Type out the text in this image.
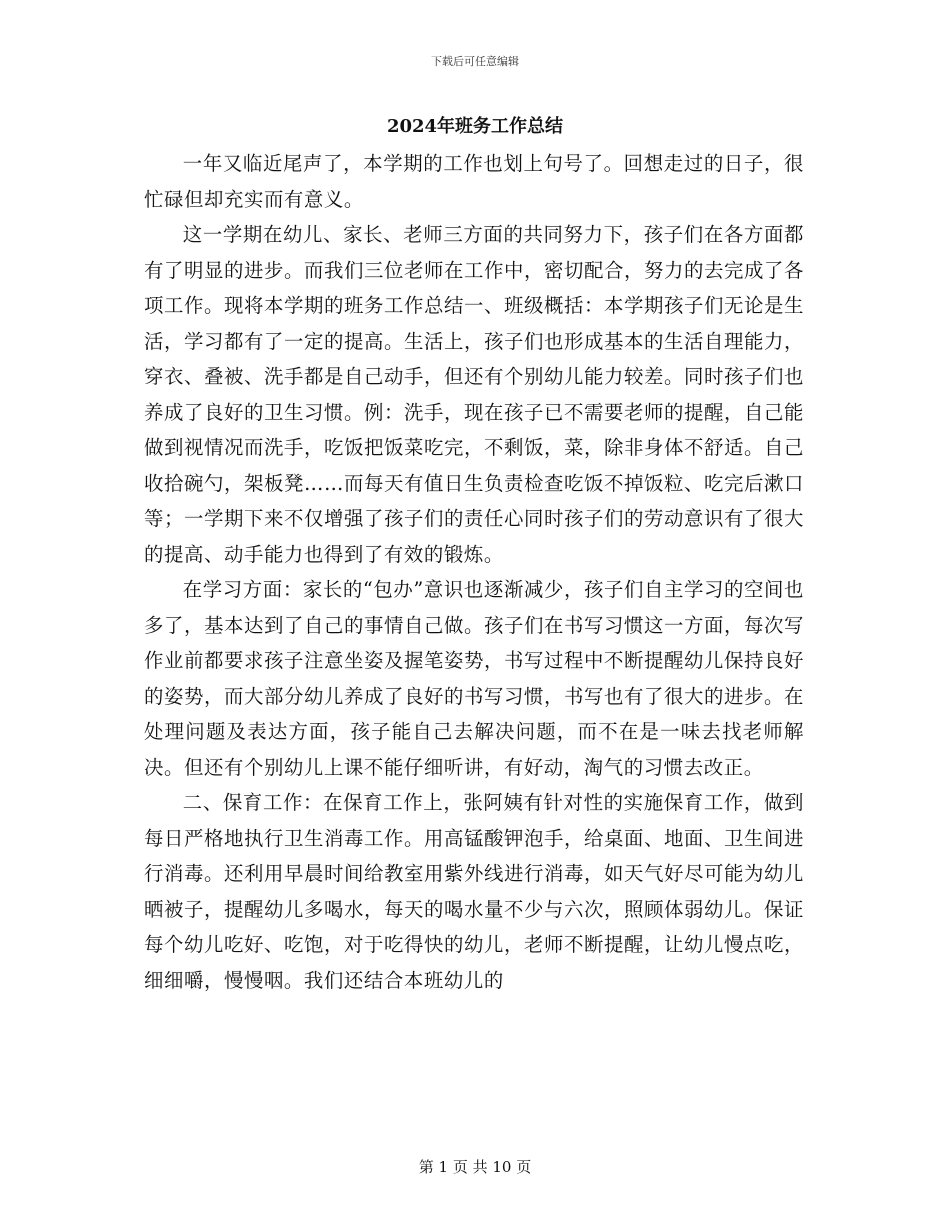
下载后可任意编辑
2024年班务工作总结

一年又临近尾声了，本学期的工作也划上句号了。回想走过的日子，很忙碌但却充实而有意义。

这一学期在幼儿、家长、老师三方面的共同努力下，孩子们在各方面都有了明显的进步。而我们三位老师在工作中，密切配合，努力的去完成了各项工作。现将本学期的班务工作总结一、班级概括：本学期孩子们无论是生活，学习都有了一定的提高。生活上，孩子们也形成基本的生活自理能力，穿衣、叠被、洗手都是自己动手，但还有个别幼儿能力较差。同时孩子们也养成了良好的卫生习惯。例：洗手，现在孩子已不需要老师的提醒，自己能做到视情况而洗手，吃饭把饭菜吃完，不剩饭，菜，除非身体不舒适。自己收拾碗勺，架板凳……而每天有值日生负责检查吃饭不掉饭粒、吃完后漱口等；一学期下来不仅增强了孩子们的责任心同时孩子们的劳动意识有了很大的提高、动手能力也得到了有效的锻炼。

在学习方面：家长的“包办”意识也逐渐减少，孩子们自主学习的空间也多了，基本达到了自己的事情自己做。孩子们在书写习惯这一方面，每次写作业前都要求孩子注意坐姿及握笔姿势，书写过程中不断提醒幼儿保持良好的姿势，而大部分幼儿养成了良好的书写习惯，书写也有了很大的进步。在处理问题及表达方面，孩子能自己去解决问题，而不在是一味去找老师解决。但还有个别幼儿上课不能仔细听讲，有好动，淘气的习惯去改正。

二、保育工作：在保育工作上，张阿姨有针对性的实施保育工作，做到每日严格地执行卫生消毒工作。用高锰酸钾泡手，给桌面、地面、卫生间进行消毒。还利用早晨时间给教室用紫外线进行消毒，如天气好尽可能为幼儿晒被子，提醒幼儿多喝水，每天的喝水量不少与六次，照顾体弱幼儿。保证每个幼儿吃好、吃饱，对于吃得快的幼儿，老师不断提醒，让幼儿慢点吃，细细嚼，慢慢咽。我们还结合本班幼儿的

第 1 页 共 10 页
